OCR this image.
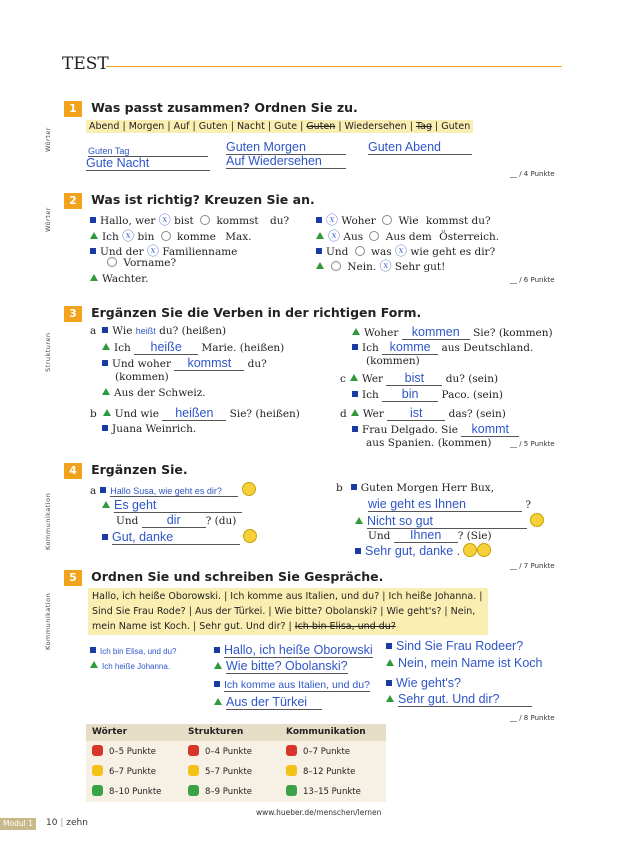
TEST
Wörter
Wörter
Strukturen
Kommunikation
Kommunikation
1 Was passt zusammen? Ordnen Sie zu.
Abend | Morgen | Auf | Guten | Nacht | Gute | Guten | Wiedersehen | Tag | Guten
Guten Tag	Guten Morgen	Guten Abend
Gute Nacht	Auf Wiedersehen
__ / 4 Punkte
2 Was ist richtig? Kreuzen Sie an.
Hallo, wer ⓧ bist kommst du?
Ich ⓧ bin komme Max.
Und der ⓧ Familienname
Vorname?
Wachter.
ⓧ Woher Wie kommst du?
ⓧ Aus Aus dem Österreich.
Und was ⓧ wie geht es dir?
Nein. ⓧ Sehr gut!
__ / 6 Punkte
3 Ergänzen Sie die Verben in der richtigen Form.
a Wie heißt du? (heißen)
Ich heiße Marie. (heißen)
Und woher kommst du?
(kommen)
Aus der Schweiz.
b Und wie heißen Sie? (heißen)
Juana Weinrich.
Woher kommen Sie? (kommen)
Ich komme aus Deutschland.
(kommen)
c Wer bist du? (sein)
Ich bin Paco. (sein)
d Wer ist das? (sein)
Frau Delgado. Sie kommt
aus Spanien. (kommen)	__ / 5 Punkte
4 Ergänzen Sie.
a Hallo Susa, wie geht es dir?
Es geht
Und dir ? (du)
Gut, danke
b Guten Morgen Herr Bux,
wie geht es Ihnen	?
Nicht so gut
Und Ihnen ? (Sie)
Sehr gut, danke .
__ / 7 Punkte
5 Ordnen Sie und schreiben Sie Gespräche.
Hallo, ich heiße Oborowski. | Ich komme aus Italien, und du? | Ich heiße Johanna. |
Sind Sie Frau Rode? | Aus der Türkei. | Wie bitte? Obolanski? | Wie geht's? | Nein,
mein Name ist Koch. | Sehr gut. Und dir? | Ich bin Elisa, und du?
Ich bin Elisa, und du?
Ich heiße Johanna.
Hallo, ich heiße Oborowski
Wie bitte? Obolanski?
Ich komme aus Italien, und du?
Aus der Türkei
Sind Sie Frau Rodeer?
Nein, mein Name ist Koch
Wie geht's?
Sehr gut. Und dir?
__ / 8 Punkte
Wörter	Strukturen	Kommunikation
0–5 Punkte	0–4 Punkte	0–7 Punkte
6–7 Punkte	5–7 Punkte	8–12 Punkte
8–10 Punkte	8–9 Punkte	13–15 Punkte
www.hueber.de/menschen/lernen
Modul 1	10 | zehn
